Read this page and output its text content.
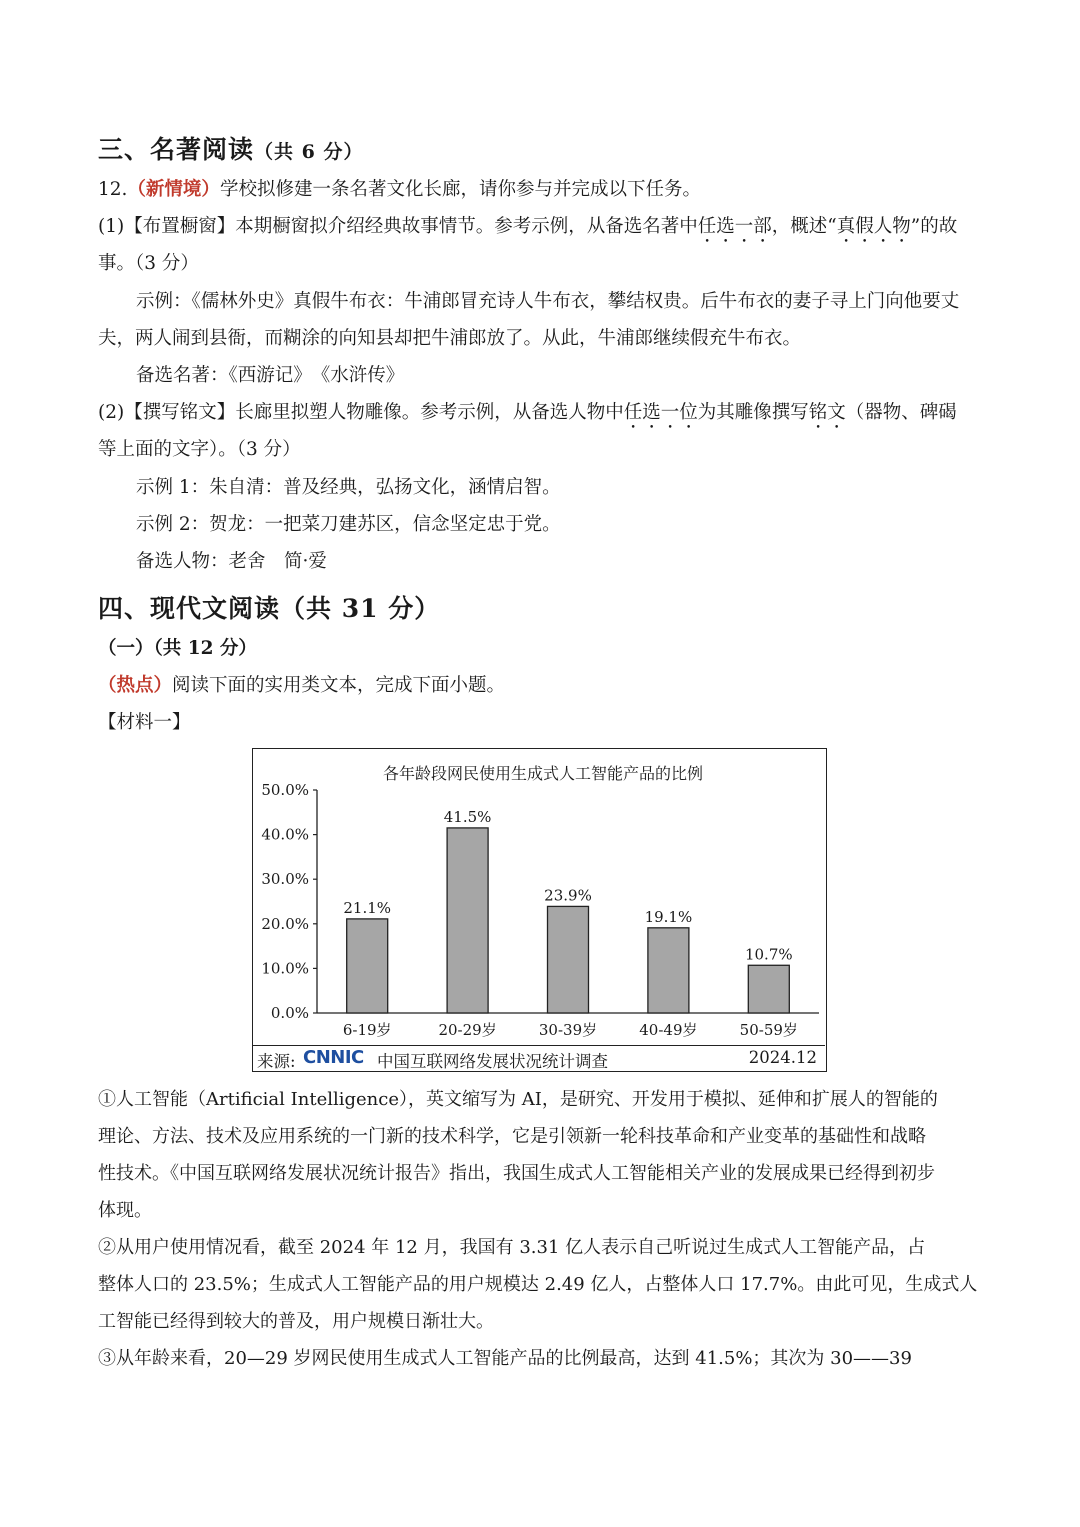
三、名著阅读（共 6 分）
12.（新情境）学校拟修建一条名著文化长廊，请你参与并完成以下任务。
(1)【布置橱窗】本期橱窗拟介绍经典故事情节。参考示例，从备选名著中任选一部，概述“真假人物”的故
事。（3 分）
示例：《儒林外史》真假牛布衣：牛浦郎冒充诗人牛布衣，攀结权贵。后牛布衣的妻子寻上门向他要丈
夫，两人闹到县衙，而糊涂的向知县却把牛浦郎放了。从此，牛浦郎继续假充牛布衣。
备选名著：《西游记》　《水浒传》
(2)【撰写铭文】长廊里拟塑人物雕像。参考示例，从备选人物中任选一位为其雕像撰写铭文（器物、碑碣
等上面的文字）。（3 分）
示例 1：朱自清：普及经典，弘扬文化，涵情启智。
示例 2：贺龙：一把菜刀建苏区，信念坚定忠于党。
备选人物：老舍　简·爱
四、现代文阅读（共 31 分）
（一）（共 12 分）
（热点）阅读下面的实用类文本，完成下面小题。
【材料一】
各年龄段网民使用生成式人工智能产品的比例
0.0%
10.0%
20.0%
30.0%
40.0%
50.0%
21.1%
6-19岁
41.5%
20-29岁
23.9%
30-39岁
19.1%
40-49岁
10.7%
50-59岁
来源: CNNIC 中国互联网络发展状况统计调查	2024.12
①人工智能（Artificial Intelligence），英文缩写为 AI，是研究、开发用于模拟、延伸和扩展人的智能的
理论、方法、技术及应用系统的一门新的技术科学，它是引领新一轮科技革命和产业变革的基础性和战略
性技术。《中国互联网络发展状况统计报告》指出，我国生成式人工智能相关产业的发展成果已经得到初步
体现。
②从用户使用情况看，截至 2024 年 12 月，我国有 3.31 亿人表示自己听说过生成式人工智能产品，占
整体人口的 23.5%；生成式人工智能产品的用户规模达 2.49 亿人，占整体人口 17.7%。由此可见，生成式人
工智能已经得到较大的普及，用户规模日渐壮大。
③从年龄来看，20—29 岁网民使用生成式人工智能产品的比例最高，达到 41.5%；其次为 30——39
